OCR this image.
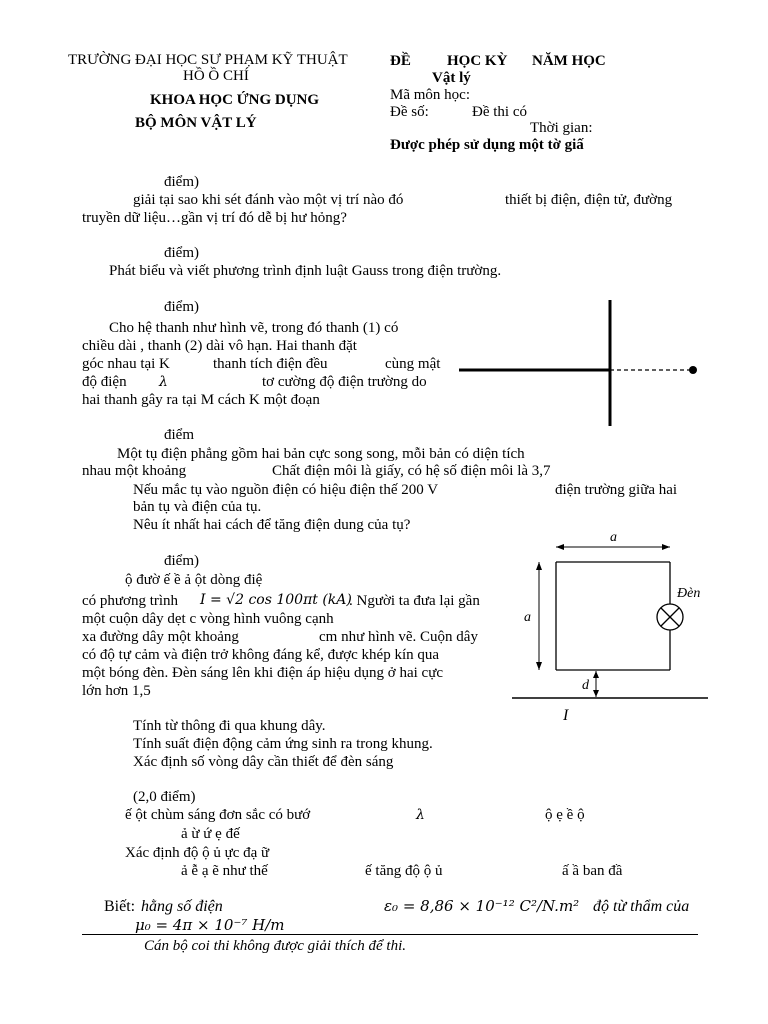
TRƯỜNG ĐẠI HỌC SƯ PHẠM KỸ THUẬT
HỒ Ồ CHÍ
KHOA HỌC ỨNG DỤNG
BỘ MÔN VẬT LÝ
ĐỀ HỌC KỲ NĂM HỌC
Vật lý
Mã môn học:
Đề số:	Đề thi có
Thời gian:
Được phép sử dụng một tờ giấ
điểm)
giải tại sao khi sét đánh vào một vị trí nào đó	thiết bị điện, điện tử, đường
truyền dữ liệu…gần vị trí đó dễ bị hư hỏng?
điểm)
Phát biểu và viết phương trình định luật Gauss trong điện trường.
điểm)
Cho hệ thanh như hình vẽ, trong đó thanh (1) có
chiều dài , thanh (2) dài vô hạn. Hai thanh đặt
góc nhau tại K	thanh tích điện đều	cùng mật
độ điện λ	tơ cường độ điện trường do
hai thanh gây ra tại M cách K một đoạn
điểm
Một tụ điện phẳng gồm hai bản cực song song, mỗi bản có diện tích
nhau một khoảng	Chất điện môi là giấy, có hệ số điện môi là 3,7
Nếu mắc tụ vào nguồn điện có hiệu điện thế 200 V	điện trường giữa hai
bản tụ và điện của tụ.
Nêu ít nhất hai cách để tăng điện dung của tụ?
điểm)
ộ đườ ế ề ả ột dòng điệ
có phương trình I = √2 cos 100πt (kA)
. Người ta đưa lại gần
một cuộn dây dẹt c vòng hình vuông cạnh
xa đường dây một khoảng	cm như hình vẽ. Cuộn dây
có độ tự cảm và điện trở không đáng kể, được khép kín qua
một bóng đèn. Đèn sáng lên khi điện áp hiệu dụng ở hai cực
lớn hơn 1,5
Tính từ thông đi qua khung dây.
Tính suất điện động cảm ứng sinh ra trong khung.
Xác định số vòng dây cần thiết để đèn sáng
a
a
Đèn
d
I
(2,0 điểm)
ế ột chùm sáng đơn sắc có bướ	λ	ộ ẹ ề ộ
ả ừ ứ ẹ đế
Xác định độ ộ ủ ực đạ ữ
ả ễ ạ ẽ như thế	ế tăng độ ộ ủ	ấ ầ ban đầ
Biết: hằng số điện	ε₀ = 8,86 × 10⁻¹² C²/N.m² độ từ thẩm của
μ₀ = 4π × 10⁻⁷ H/m
Cán bộ coi thi không được giải thích để thi.
